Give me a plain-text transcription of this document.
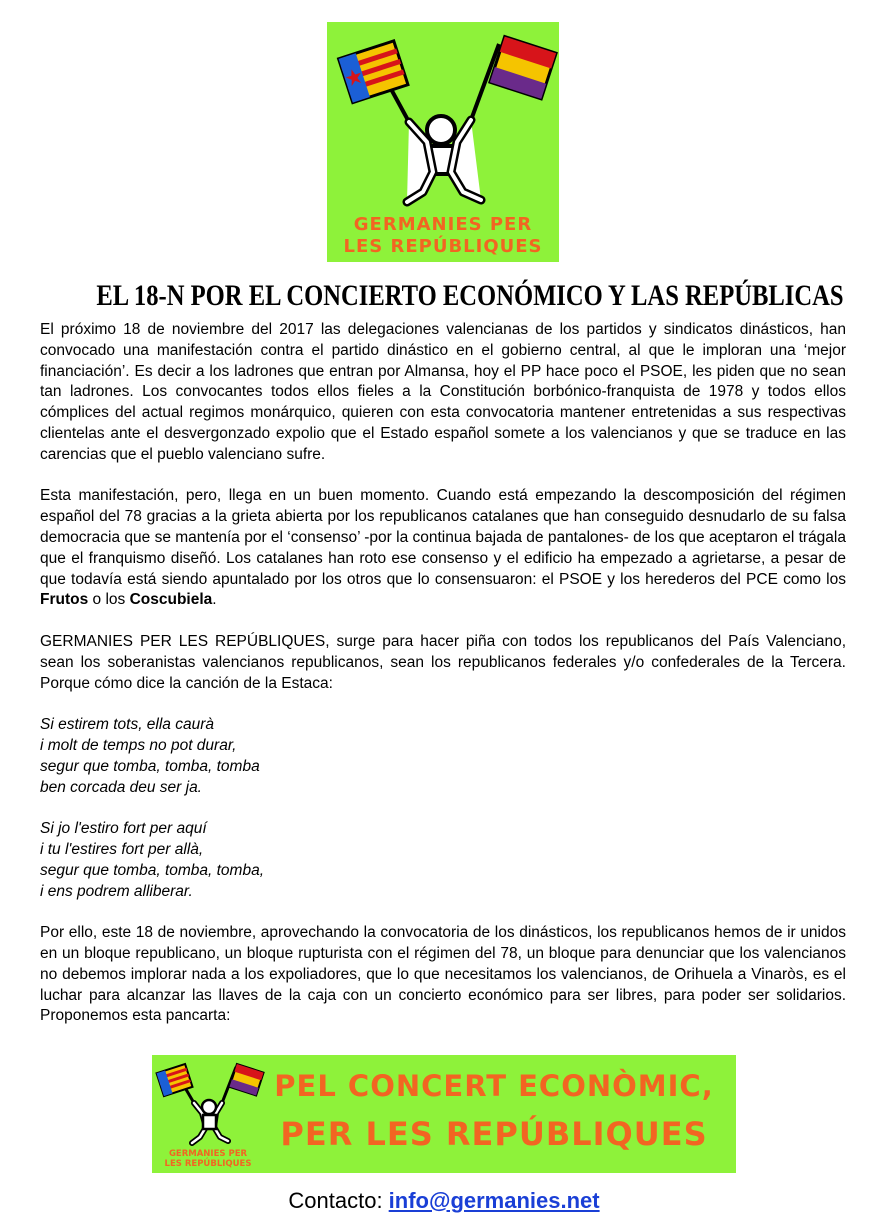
GERMANIES PER
LES REPÚBLIQUES
EL 18-N POR EL CONCIERTO ECONÓMICO Y LAS REPÚBLICAS

El próximo 18 de noviembre del 2017 las delegaciones valencianas de los partidos y sindicatos dinásticos, han convocado una manifestación contra el partido dinástico en el gobierno central, al que le imploran una ‘mejor financiación’. Es decir a los ladrones que entran por Almansa, hoy el PP hace poco el PSOE, les piden que no sean tan ladrones. Los convocantes todos ellos fieles a la Constitución borbónico-franquista de 1978 y todos ellos cómplices del actual regimos monárquico, quieren con esta convocatoria mantener entretenidas a sus respectivas clientelas ante el desvergonzado expolio que el Estado español somete a los valencianos y que se traduce en las carencias que el pueblo valenciano sufre.

Esta manifestación, pero, llega en un buen momento. Cuando está empezando la descomposición del régimen español del 78 gracias a la grieta abierta por los republicanos catalanes que han conseguido desnudarlo de su falsa democracia que se mantenía por el ‘consenso’ -por la continua bajada de pantalones- de los que aceptaron el trágala que el franquismo diseñó. Los catalanes han roto ese consenso y el edificio ha empezado a agrietarse, a pesar de que todavía está siendo apuntalado por los otros que lo consensuaron: el PSOE y los herederos del PCE como los Frutos o los Coscubiela.

GERMANIES PER LES REPÚBLIQUES, surge para hacer piña con todos los republicanos del País Valenciano, sean los soberanistas valencianos republicanos, sean los republicanos federales y/o confederales de la Tercera. Porque cómo dice la canción de la Estaca:

Si estirem tots, ella caurà
i molt de temps no pot durar,
segur que tomba, tomba, tomba
ben corcada deu ser ja.
Si jo l'estiro fort per aquí
i tu l'estires fort per allà,
segur que tomba, tomba, tomba,
i ens podrem alliberar.

Por ello, este 18 de noviembre, aprovechando la convocatoria de los dinásticos, los republicanos hemos de ir unidos en un bloque republicano, un bloque rupturista con el régimen del 78, un bloque para denunciar que los valencianos no debemos implorar nada a los expoliadores, que lo que necesitamos los valencianos, de Orihuela a Vinaròs, es el luchar para alcanzar las llaves de la caja con un concierto económico para ser libres, para poder ser solidarios. Proponemos esta pancarta:

GERMANIES PER
LES REPÚBLIQUES
PEL CONCERT ECONÒMIC,
PER LES REPÚBLIQUES
Contacto: info@germanies.net
